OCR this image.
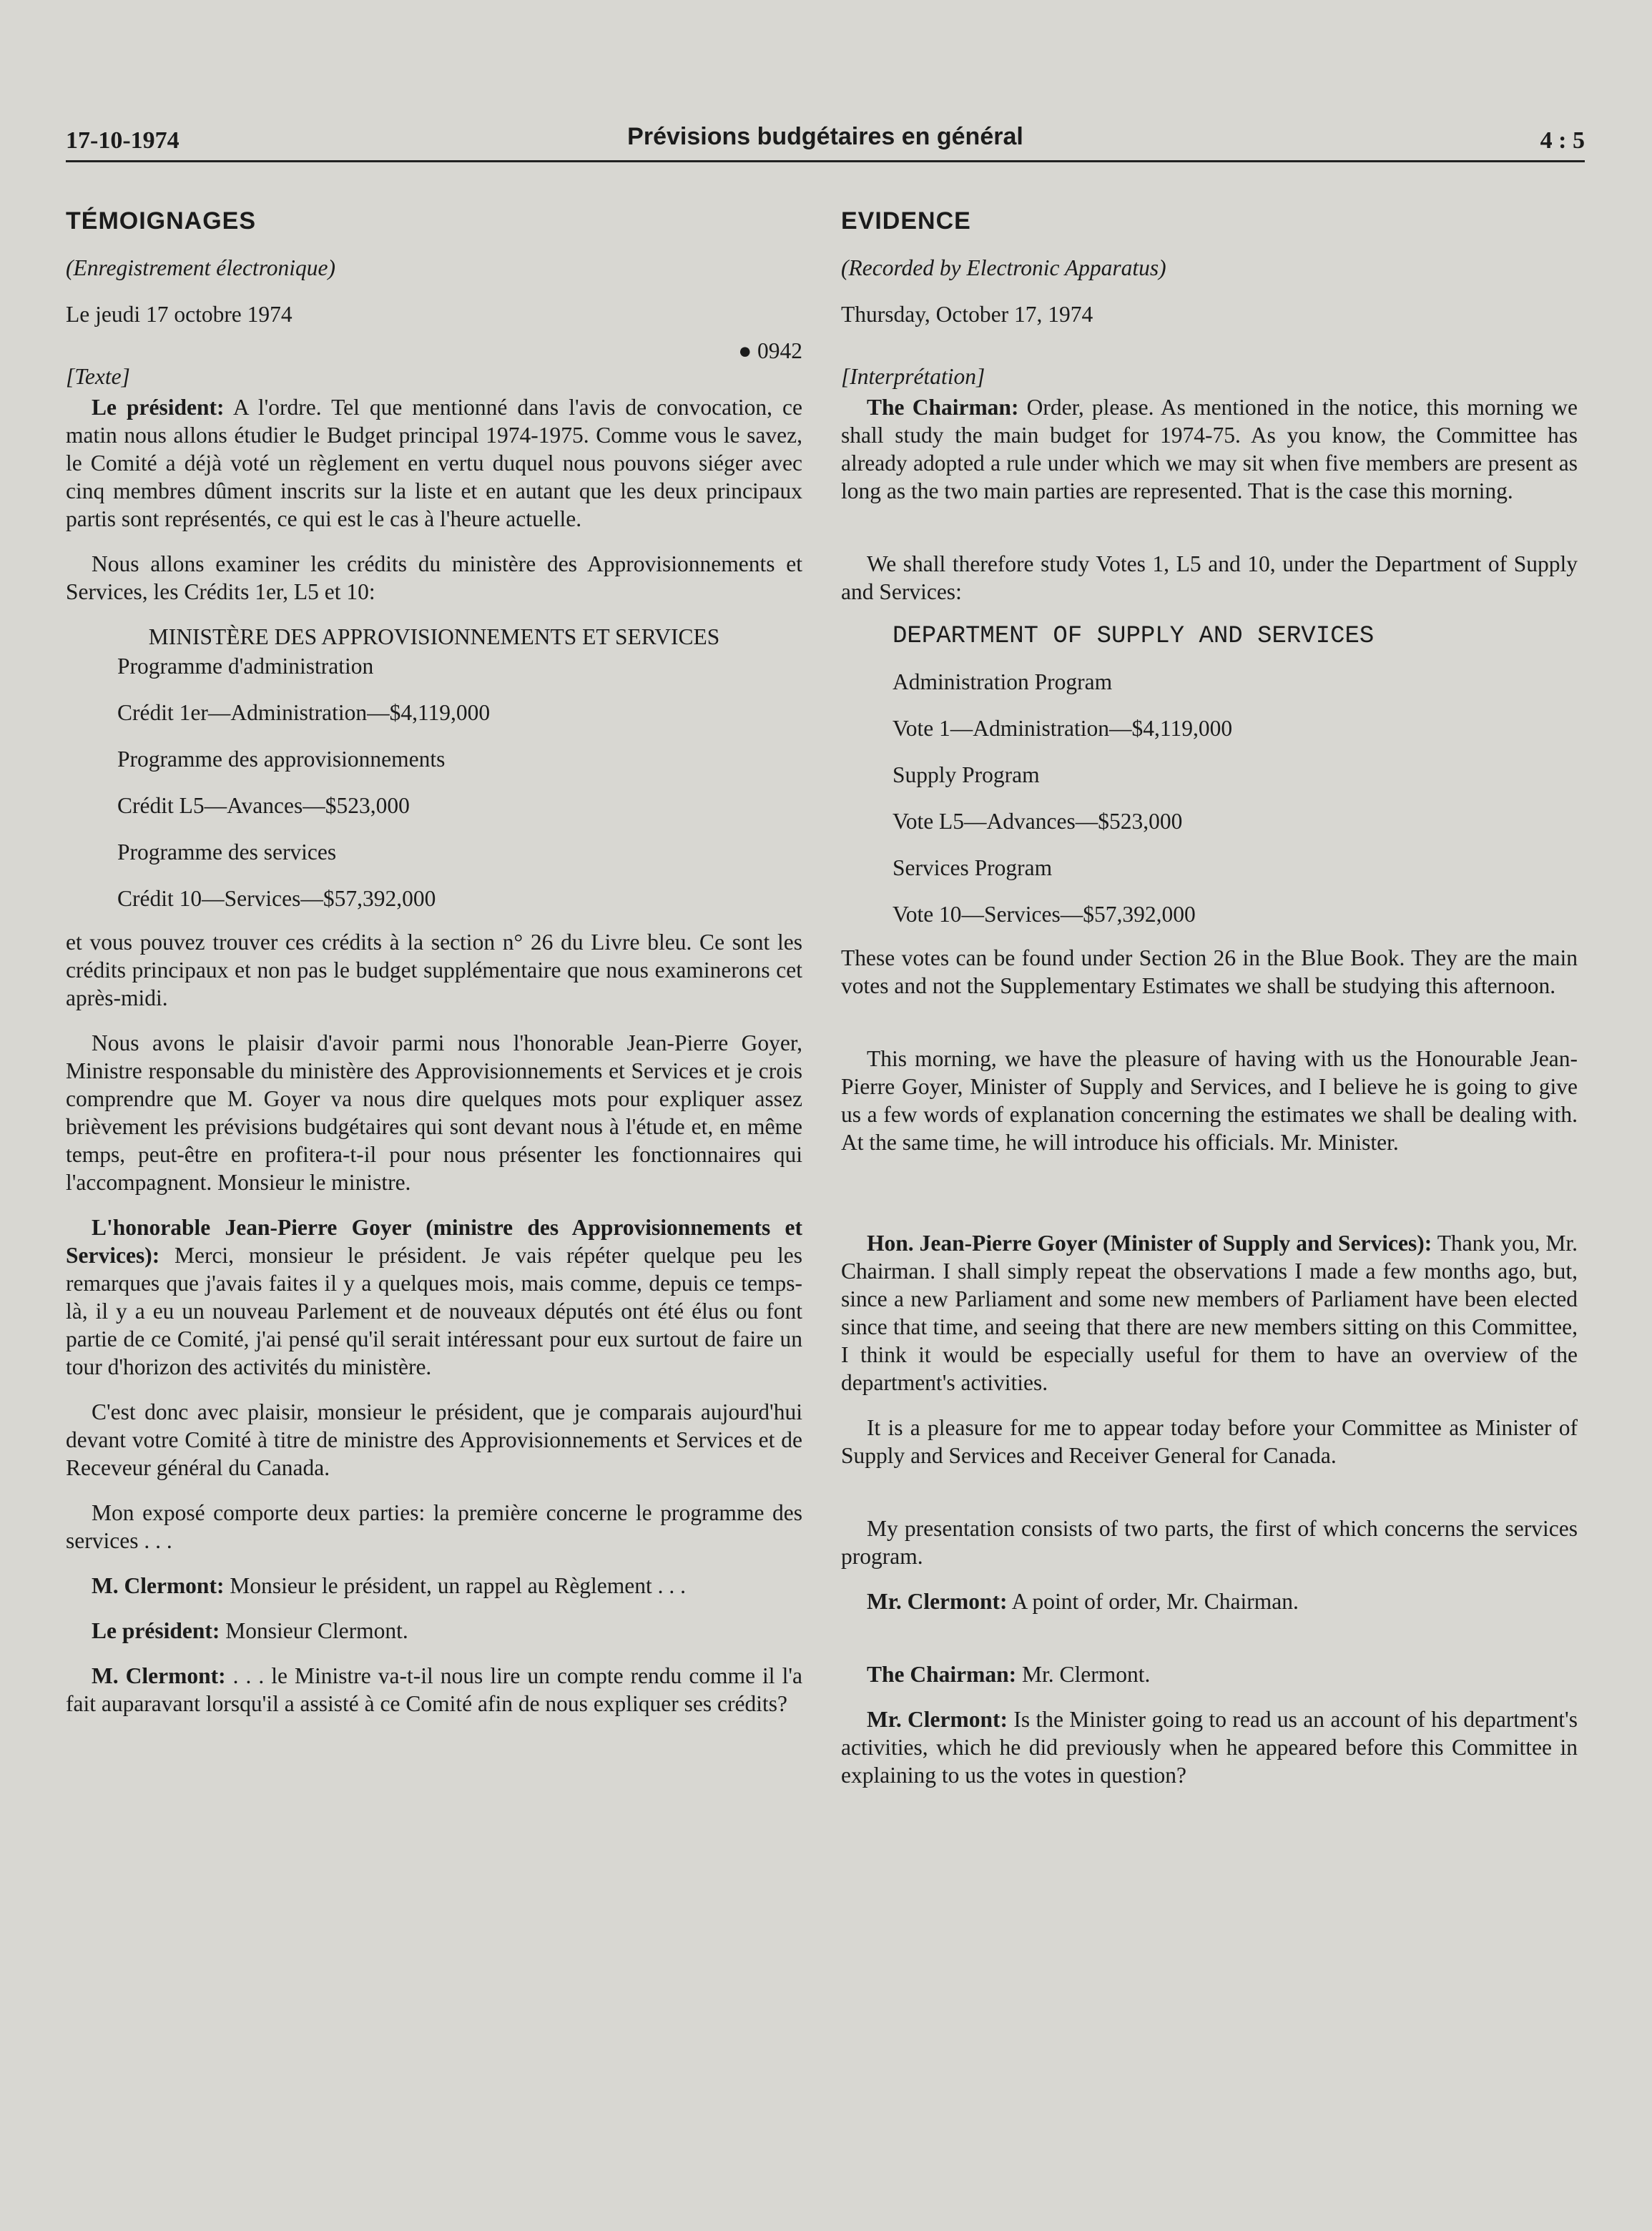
17-10-1974	Prévisions budgétaires en général	4 : 5

TÉMOIGNAGES

(Enregistrement électronique)

Le jeudi 17 octobre 1974

● 0942

[Texte]

Le président: A l'ordre. Tel que mentionné dans l'avis de convocation, ce matin nous allons étudier le Budget principal 1974-1975. Comme vous le savez, le Comité a déjà voté un règlement en vertu duquel nous pouvons siéger avec cinq membres dûment inscrits sur la liste et en autant que les deux principaux partis sont représentés, ce qui est le cas à l'heure actuelle.

Nous allons examiner les crédits du ministère des Approvisionnements et Services, les Crédits 1er, L5 et 10:

MINISTÈRE DES APPROVISIONNEMENTS ET SERVICES

Programme d'administration

Crédit 1er—Administration—$4,119,000

Programme des approvisionnements

Crédit L5—Avances—$523,000

Programme des services

Crédit 10—Services—$57,392,000

et vous pouvez trouver ces crédits à la section n° 26 du Livre bleu. Ce sont les crédits principaux et non pas le budget supplémentaire que nous examinerons cet après-midi.

Nous avons le plaisir d'avoir parmi nous l'honorable Jean-Pierre Goyer, Ministre responsable du ministère des Approvisionnements et Services et je crois comprendre que M. Goyer va nous dire quelques mots pour expliquer assez brièvement les prévisions budgétaires qui sont devant nous à l'étude et, en même temps, peut-être en profitera-t-il pour nous présenter les fonctionnaires qui l'accompagnent. Monsieur le ministre.

L'honorable Jean-Pierre Goyer (ministre des Approvisionnements et Services): Merci, monsieur le président. Je vais répéter quelque peu les remarques que j'avais faites il y a quelques mois, mais comme, depuis ce temps-là, il y a eu un nouveau Parlement et de nouveaux députés ont été élus ou font partie de ce Comité, j'ai pensé qu'il serait intéressant pour eux surtout de faire un tour d'horizon des activités du ministère.

C'est donc avec plaisir, monsieur le président, que je comparais aujourd'hui devant votre Comité à titre de ministre des Approvisionnements et Services et de Receveur général du Canada.

Mon exposé comporte deux parties: la première concerne le programme des services . . .

M. Clermont: Monsieur le président, un rappel au Règlement . . .

Le président: Monsieur Clermont.

M. Clermont: . . . le Ministre va-t-il nous lire un compte rendu comme il l'a fait auparavant lorsqu'il a assisté à ce Comité afin de nous expliquer ses crédits?

EVIDENCE

(Recorded by Electronic Apparatus)

Thursday, October 17, 1974

[Interprétation]

The Chairman: Order, please. As mentioned in the notice, this morning we shall study the main budget for 1974-75. As you know, the Committee has already adopted a rule under which we may sit when five members are present as long as the two main parties are represented. That is the case this morning.

We shall therefore study Votes 1, L5 and 10, under the Department of Supply and Services:

DEPARTMENT OF SUPPLY AND SERVICES

Administration Program

Vote 1—Administration—$4,119,000

Supply Program

Vote L5—Advances—$523,000

Services Program

Vote 10—Services—$57,392,000

These votes can be found under Section 26 in the Blue Book. They are the main votes and not the Supplementary Estimates we shall be studying this afternoon.

This morning, we have the pleasure of having with us the Honourable Jean-Pierre Goyer, Minister of Supply and Services, and I believe he is going to give us a few words of explanation concerning the estimates we shall be dealing with. At the same time, he will introduce his officials. Mr. Minister.

Hon. Jean-Pierre Goyer (Minister of Supply and Services): Thank you, Mr. Chairman. I shall simply repeat the observations I made a few months ago, but, since a new Parliament and some new members of Parliament have been elected since that time, and seeing that there are new members sitting on this Committee, I think it would be especially useful for them to have an overview of the department's activities.

It is a pleasure for me to appear today before your Committee as Minister of Supply and Services and Receiver General for Canada.

My presentation consists of two parts, the first of which concerns the services program.

Mr. Clermont: A point of order, Mr. Chairman.

The Chairman: Mr. Clermont.

Mr. Clermont: Is the Minister going to read us an account of his department's activities, which he did previously when he appeared before this Committee in explaining to us the votes in question?
